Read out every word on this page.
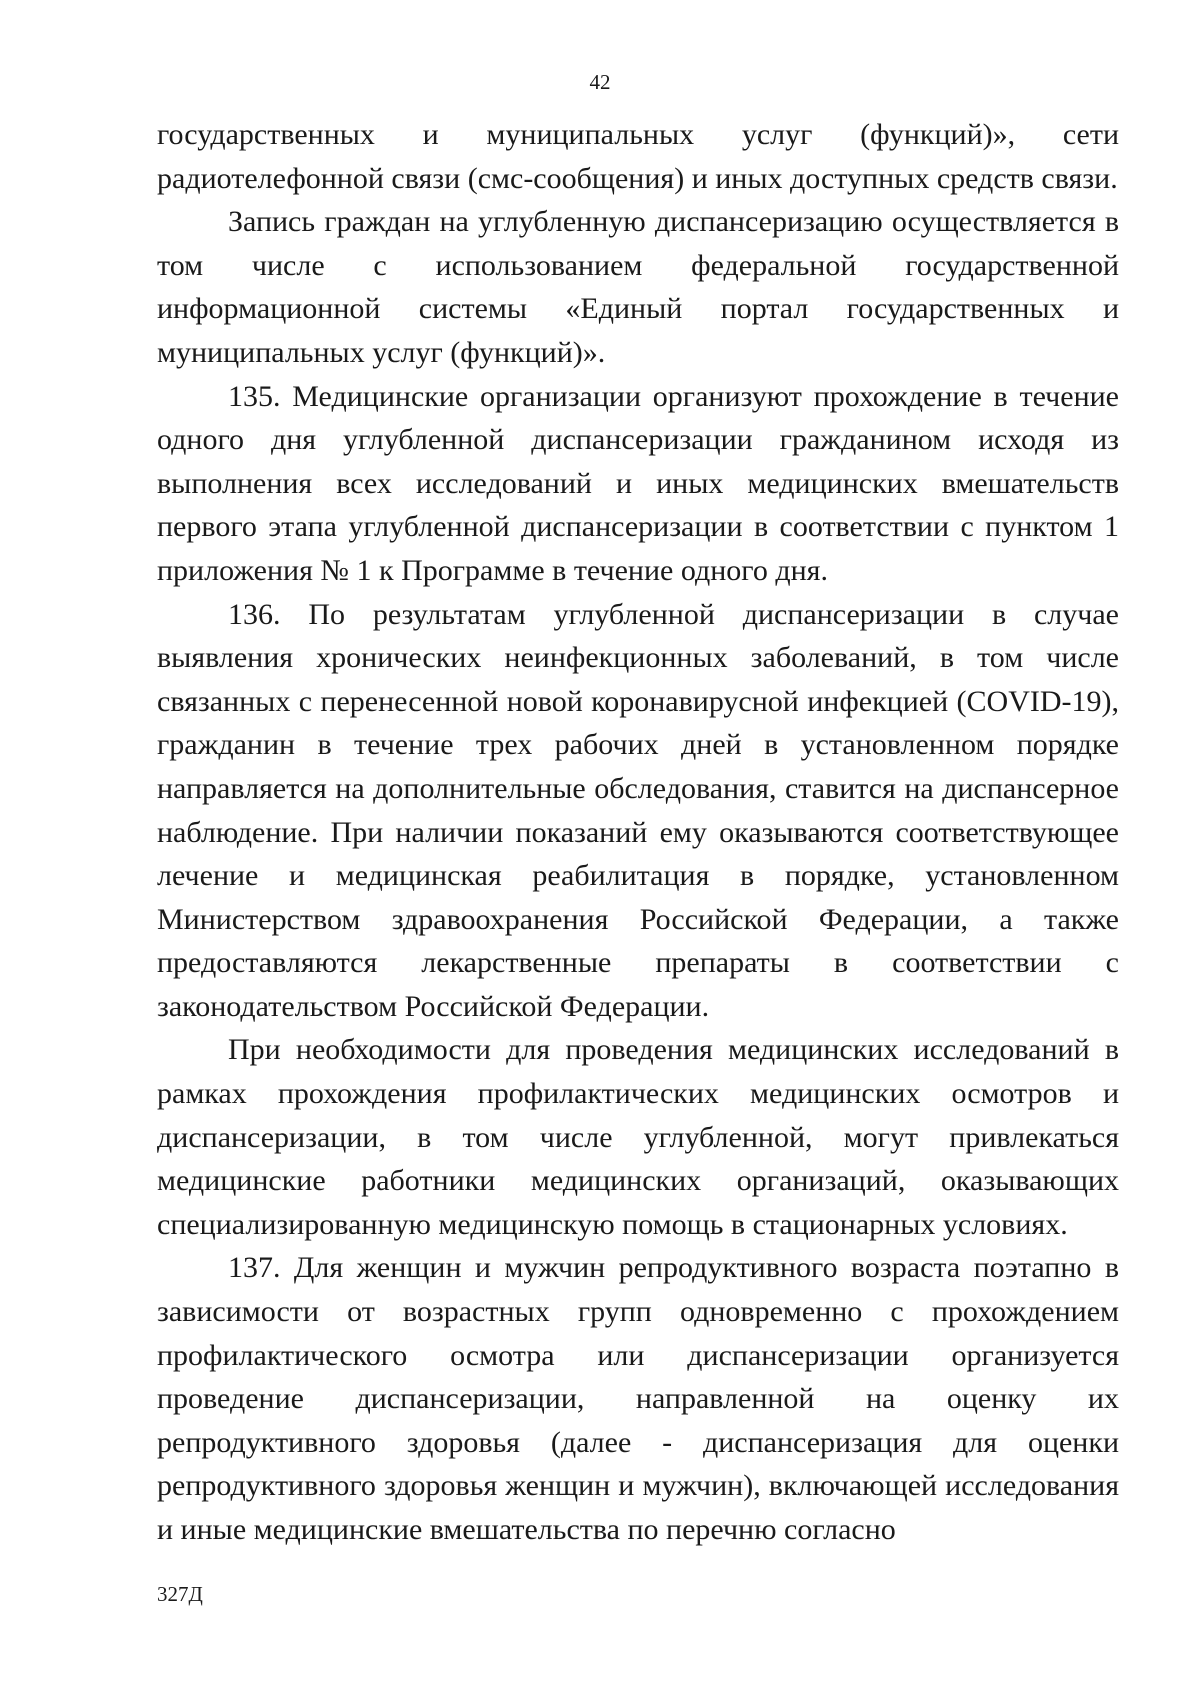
42

государственных и муниципальных услуг (функций)», сети радиотелефонной связи (смс-сообщения) и иных доступных средств связи.

Запись граждан на углубленную диспансеризацию осуществляется в том числе с использованием федеральной государственной информационной системы «Единый портал государственных и муниципальных услуг (функций)».

135. Медицинские организации организуют прохождение в течение одного дня углубленной диспансеризации гражданином исходя из выполнения всех исследований и иных медицинских вмешательств первого этапа углубленной диспансеризации в соответствии с пунктом 1 приложения № 1 к Программе в течение одного дня.

136. По результатам углубленной диспансеризации в случае выявления хронических неинфекционных заболеваний, в том числе связанных с перенесенной новой коронавирусной инфекцией (COVID-19), гражданин в течение трех рабочих дней в установленном порядке направляется на дополнительные обследования, ставится на диспансерное наблюдение. При наличии показаний ему оказываются соответствующее лечение и медицинская реабилитация в порядке, установленном Министерством здравоохранения Российской Федерации, а также предоставляются лекарственные препараты в соответствии с законодательством Российской Федерации.

При необходимости для проведения медицинских исследований в рамках прохождения профилактических медицинских осмотров и диспансеризации, в том числе углубленной, могут привлекаться медицинские работники медицинских организаций, оказывающих специализированную медицинскую помощь в стационарных условиях.

137. Для женщин и мужчин репродуктивного возраста поэтапно в зависимости от возрастных групп одновременно с прохождением профилактического осмотра или диспансеризации организуется проведение диспансеризации, направленной на оценку их репродуктивного здоровья (далее - диспансеризация для оценки репродуктивного здоровья женщин и мужчин), включающей исследования и иные медицинские вмешательства по перечню согласно

327Д
